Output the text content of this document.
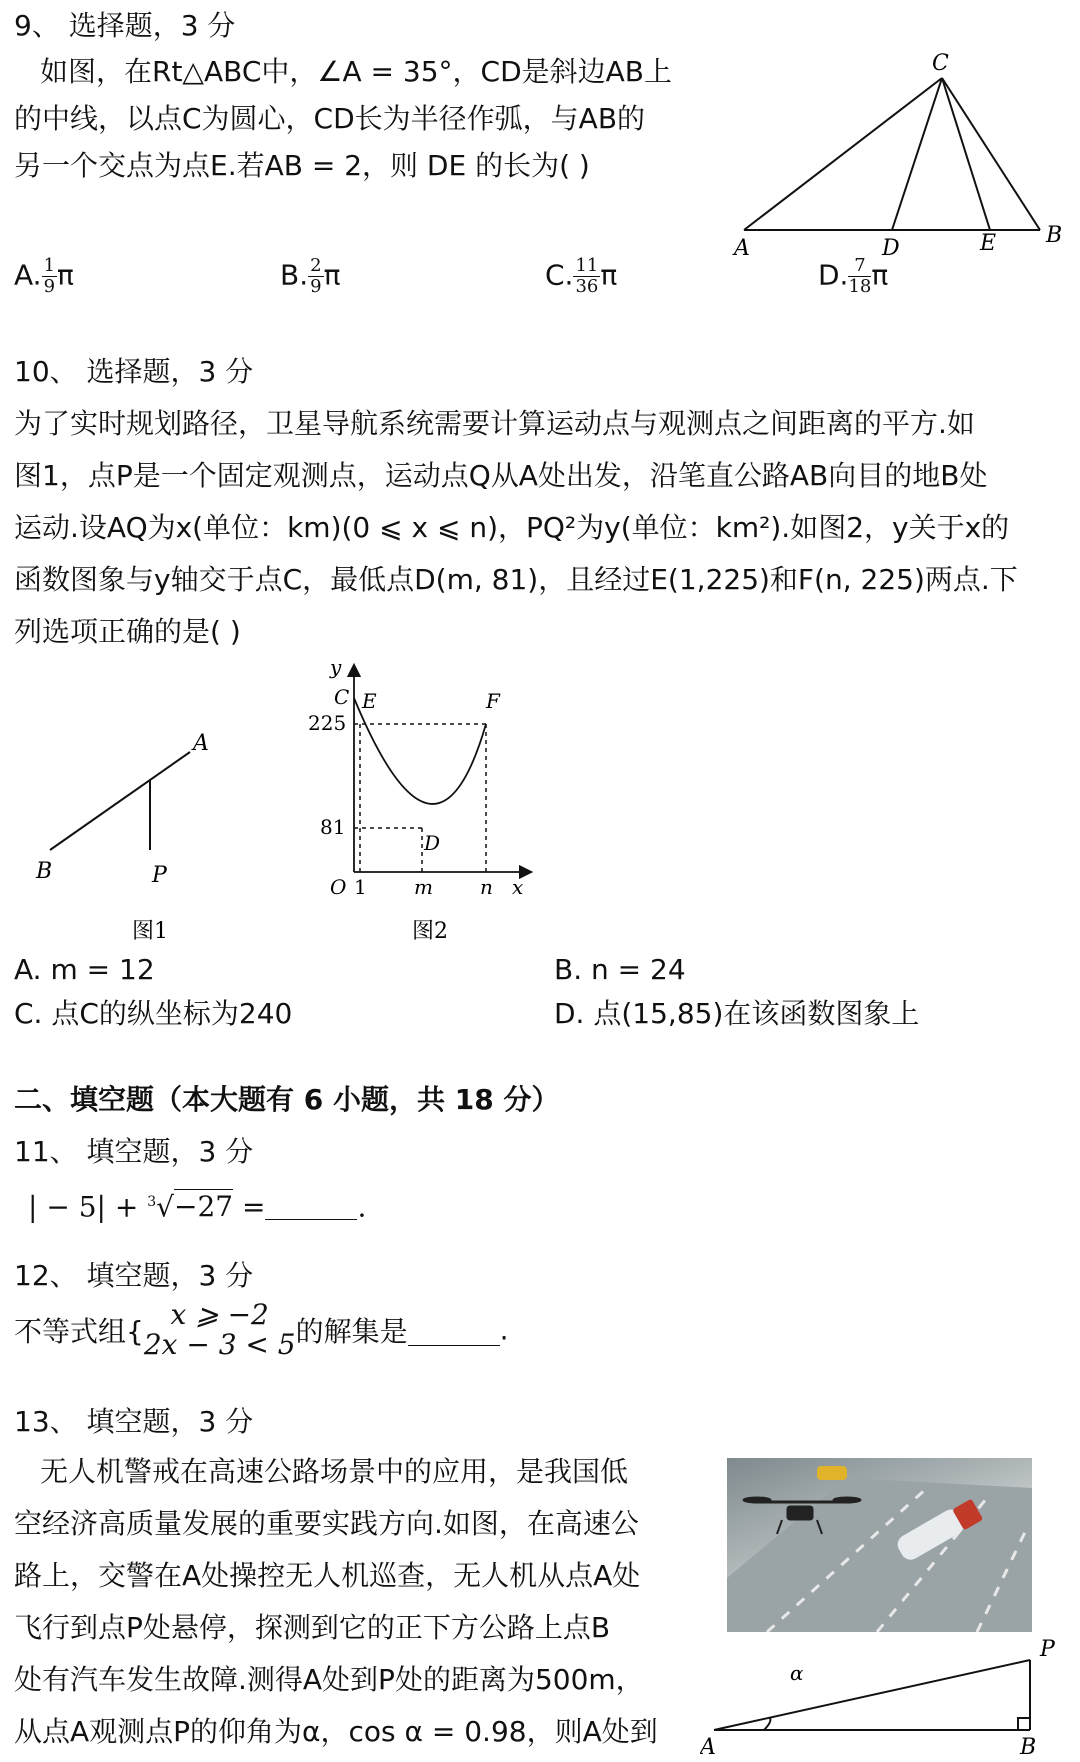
9、 选择题，3 分
如图，在Rt△ABC中，∠A = 35°，CD是斜边AB上
的中线，以点C为圆心，CD长为半径作弧，与AB的
另一个交点为点E.若AB = 2，则 DE 的长为( )
A. $\frac{1}{9}$ π	B. $\frac{2}{9}$ π	C. $\frac{11}{36}$ π	D. $\frac{7}{18}$ π
C
A	D	E B
10、 选择题，3 分
为了实时规划路径，卫星导航系统需要计算运动点与观测点之间距离的平方.如
图1，点P是一个固定观测点，运动点Q从A处出发，沿笔直公路AB向目的地B处
运动.设AQ为x(单位：km)(0 ⩽ x ⩽ n)，PQ²为y(单位：km²).如图2，y关于x的
函数图象与y轴交于点C，最低点D(m, 81)，且经过E(1,225)和F(n, 225)两点.下
列选项正确的是( )
A
B	P
图1
y
C E	F
225
81
D
O 1 m n x
图2
A. m = 12	B. n = 24
C. 点C的纵坐标为240	D. 点(15,85)在该函数图象上
二、填空题（本大题有 6 小题，共 18 分）
11、 填空题，3 分
| − 5| + $^3$√−27 =	.
12、 填空题，3 分
不等式组{
x ⩾ −2
2x − 3 < 5 的解集是	.
13、 填空题，3 分
无人机警戒在高速公路场景中的应用，是我国低
空经济高质量发展的重要实践方向.如图，在高速公
路上，交警在A处操控无人机巡查，无人机从点A处
飞行到点P处悬停，探测到它的正下方公路上点B
处有汽车发生故障.测得A处到P处的距离为500m，
从点A观测点P的仰角为α，cos α = 0.98，则A处到
P
A	B
α
